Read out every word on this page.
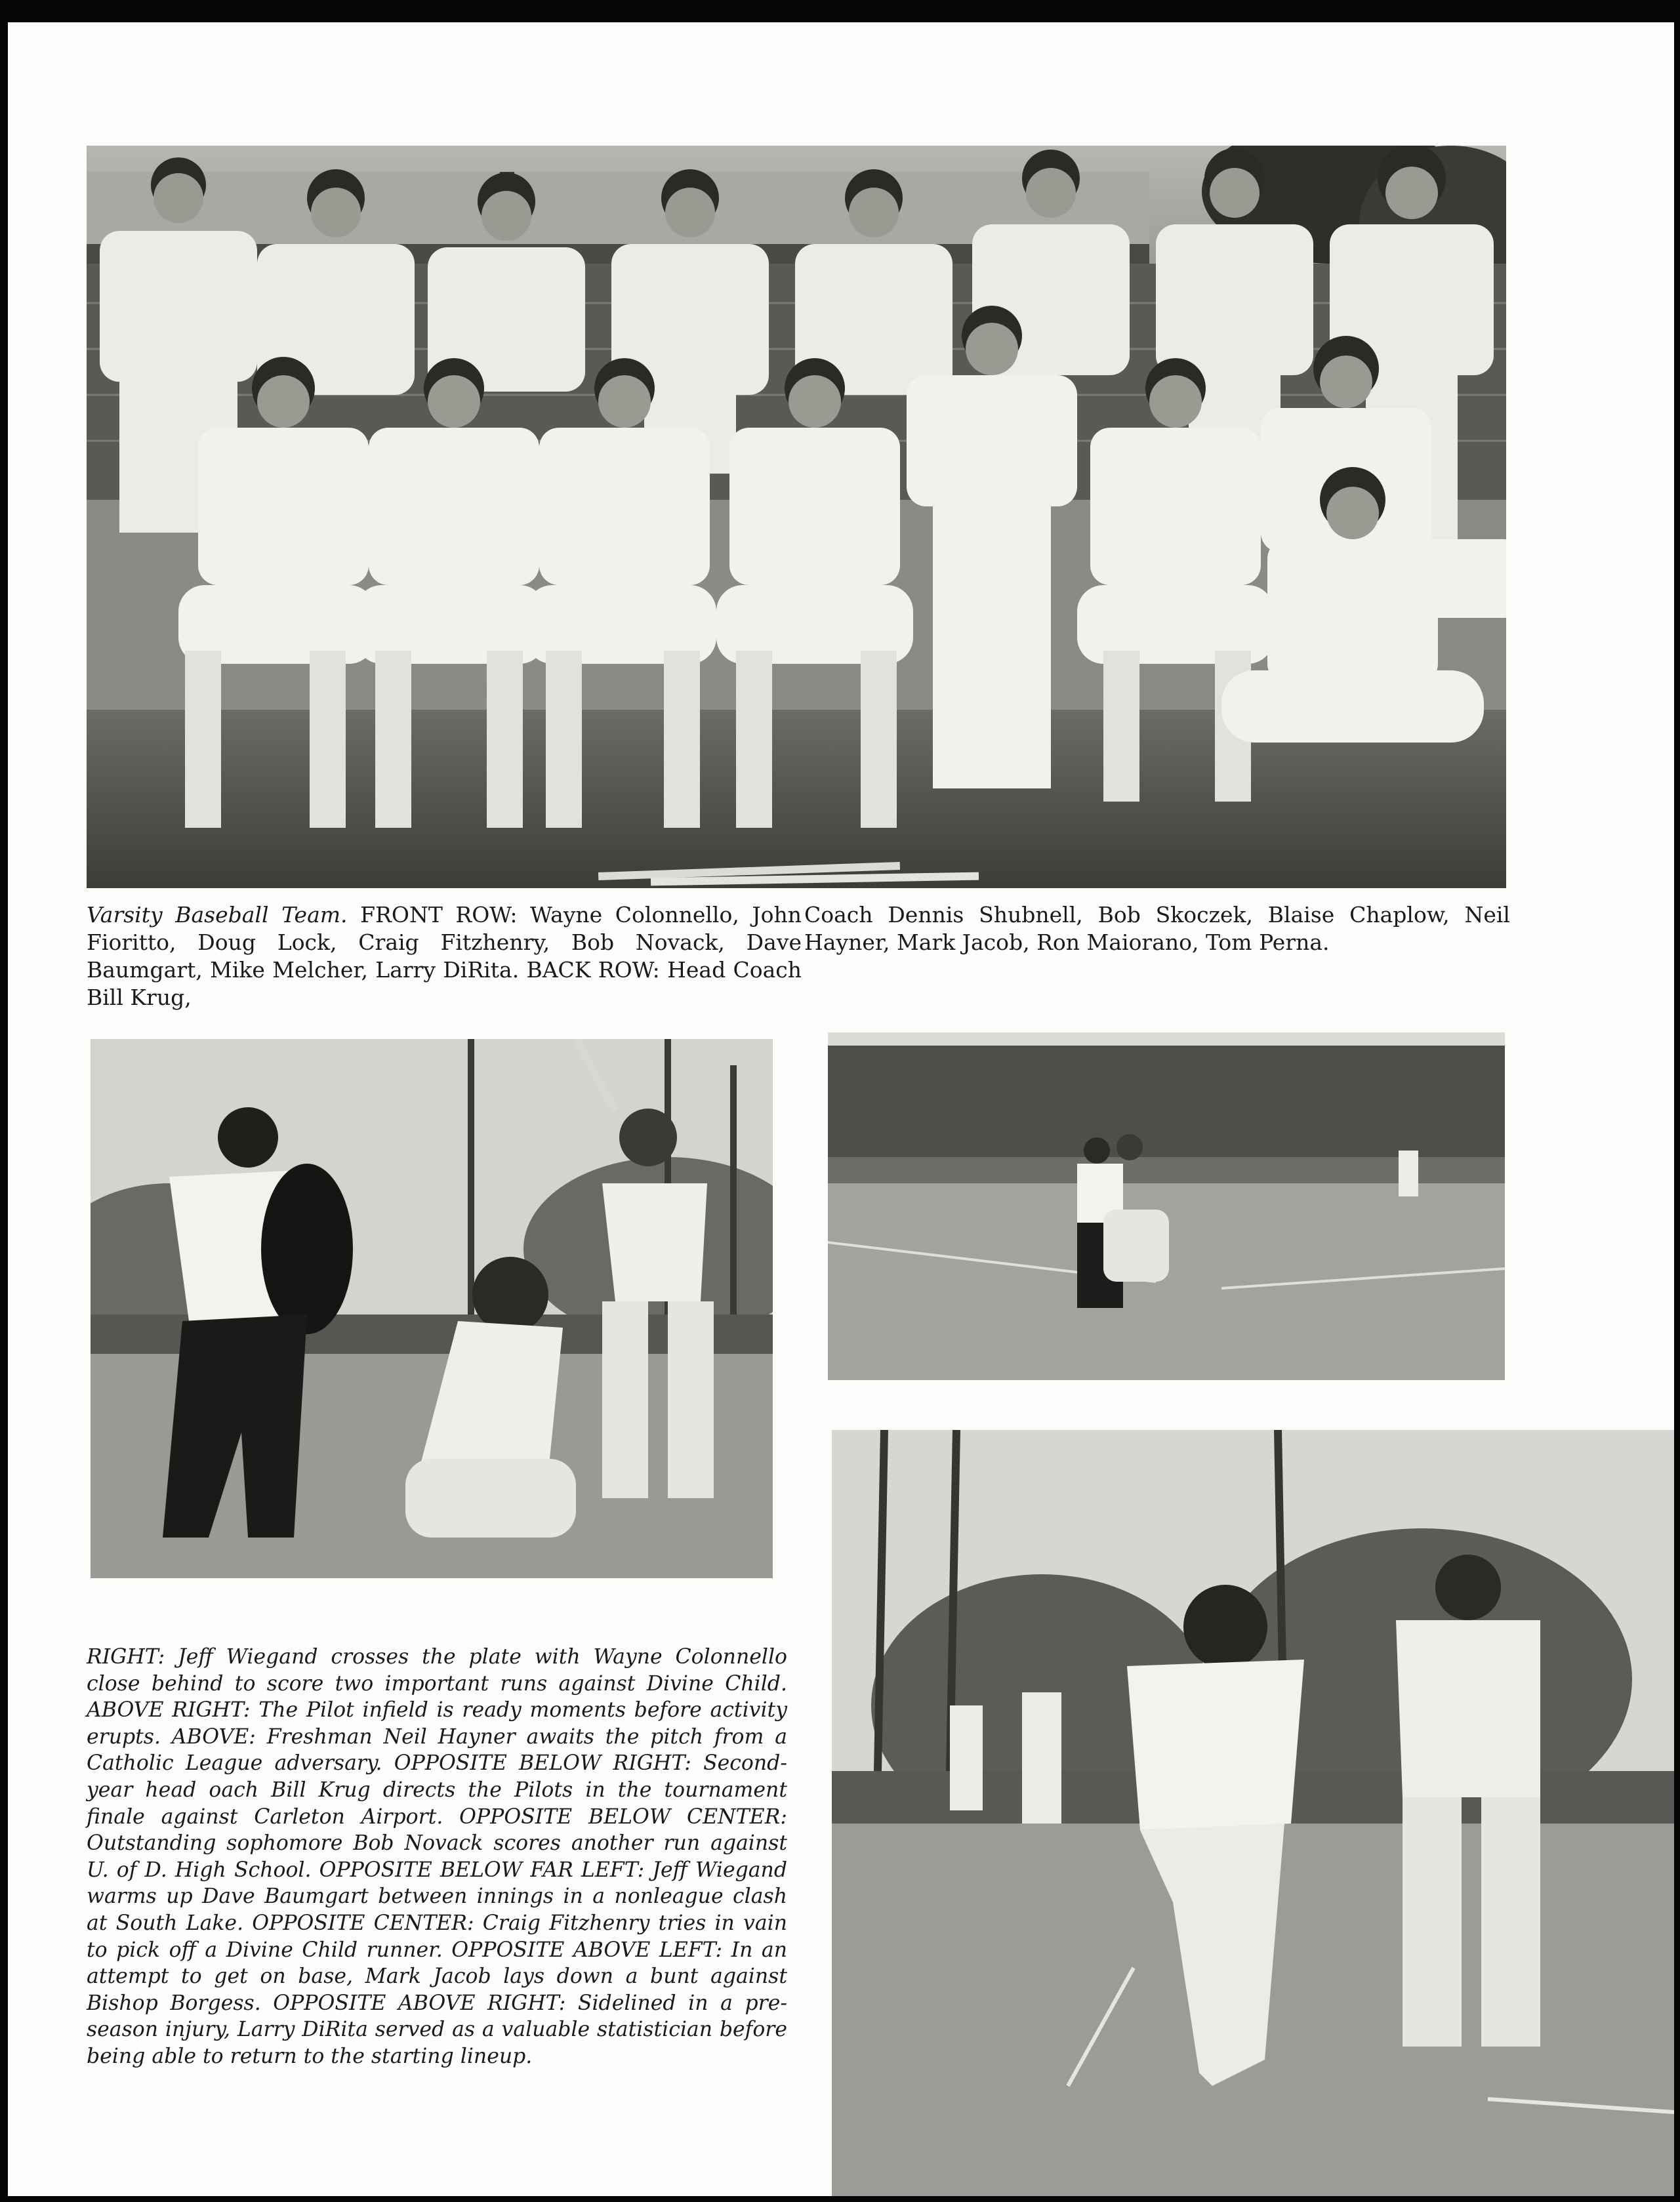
Varsity Baseball Team. FRONT ROW: Wayne Colonnello, John Fioritto, Doug Lock, Craig Fitzhenry, Bob Novack, Dave Baumgart, Mike Melcher, Larry DiRita. BACK ROW: Head Coach Bill Krug,

Coach Dennis Shubnell, Bob Skoczek, Blaise Chaplow, Neil Hayner, Mark Jacob, Ron Maiorano, Tom Perna.

RIGHT: Jeff Wiegand crosses the plate with Wayne Colonnello close behind to score two important runs against Divine Child. ABOVE RIGHT: The Pilot infield is ready moments before activity erupts. ABOVE: Freshman Neil Hayner awaits the pitch from a Catholic League adversary. OPPOSITE BELOW RIGHT: Second-year head oach Bill Krug directs the Pilots in the tournament finale against Carleton Airport. OPPOSITE BELOW CENTER: Outstanding sophomore Bob Novack scores another run against U. of D. High School. OPPOSITE BELOW FAR LEFT: Jeff Wiegand warms up Dave Baumgart between innings in a nonleague clash at South Lake. OPPOSITE CENTER: Craig Fitzhenry tries in vain to pick off a Divine Child runner. OPPOSITE ABOVE LEFT: In an attempt to get on base, Mark Jacob lays down a bunt against Bishop Borgess. OPPOSITE ABOVE RIGHT: Sidelined in a pre-season injury, Larry DiRita served as a valuable statistician before being able to return to the starting lineup.
